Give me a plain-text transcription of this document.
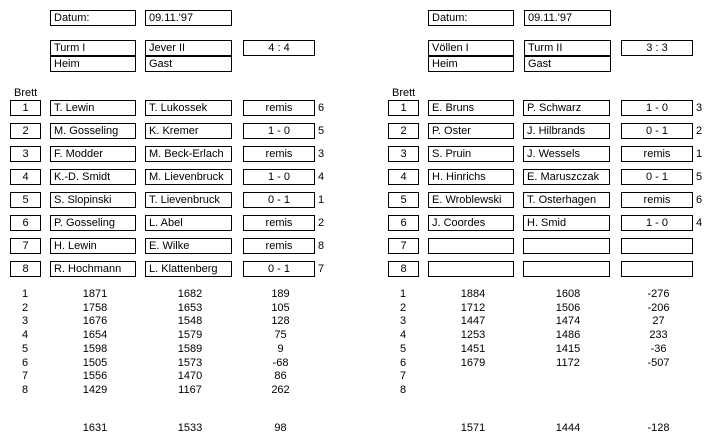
Datum:	09.11.'97
Turm I	Jever II	4 : 4
Heim	Gast
Brett
1	T. Lewin	T. Lukossek	remis	6
2	M. Gosseling	K. Kremer	1 - 0	5
3	F. Modder	M. Beck-Erlach	remis	3
4	K.-D. Smidt	M. Lievenbruck	1 - 0	4
5	S. Slopinski	T. Lievenbruck	0 - 1	1
6	P. Gosseling	L. Abel	remis	2
7	H. Lewin	E. Wilke	remis	8
8	R. Hochmann	L. Klattenberg	0 - 1	7
1	1871	1682	189
2	1758	1653	105
3	1676	1548	128
4	1654	1579	75
5	1598	1589	9
6	1505	1573	-68
7	1556	1470	86
8	1429	1167	262
1631	1533	98
Datum:	09.11.'97
Völlen I	Turm II	3 : 3
Heim	Gast
Brett
1	E. Bruns	P. Schwarz	1 - 0	3
2	P. Oster	J. Hilbrands	0 - 1	2
3	S. Pruin	J. Wessels	remis	1
4	H. Hinrichs	E. Maruszczak	0 - 1	5
5	E. Wroblewski	T. Osterhagen	remis	6
6	J. Coordes	H. Smid	1 - 0	4
7
8
1	1884	1608	-276
2	1712	1506	-206
3	1447	1474	27
4	1253	1486	233
5	1451	1415	-36
6	1679	1172	-507
7
8
1571	1444	-128
